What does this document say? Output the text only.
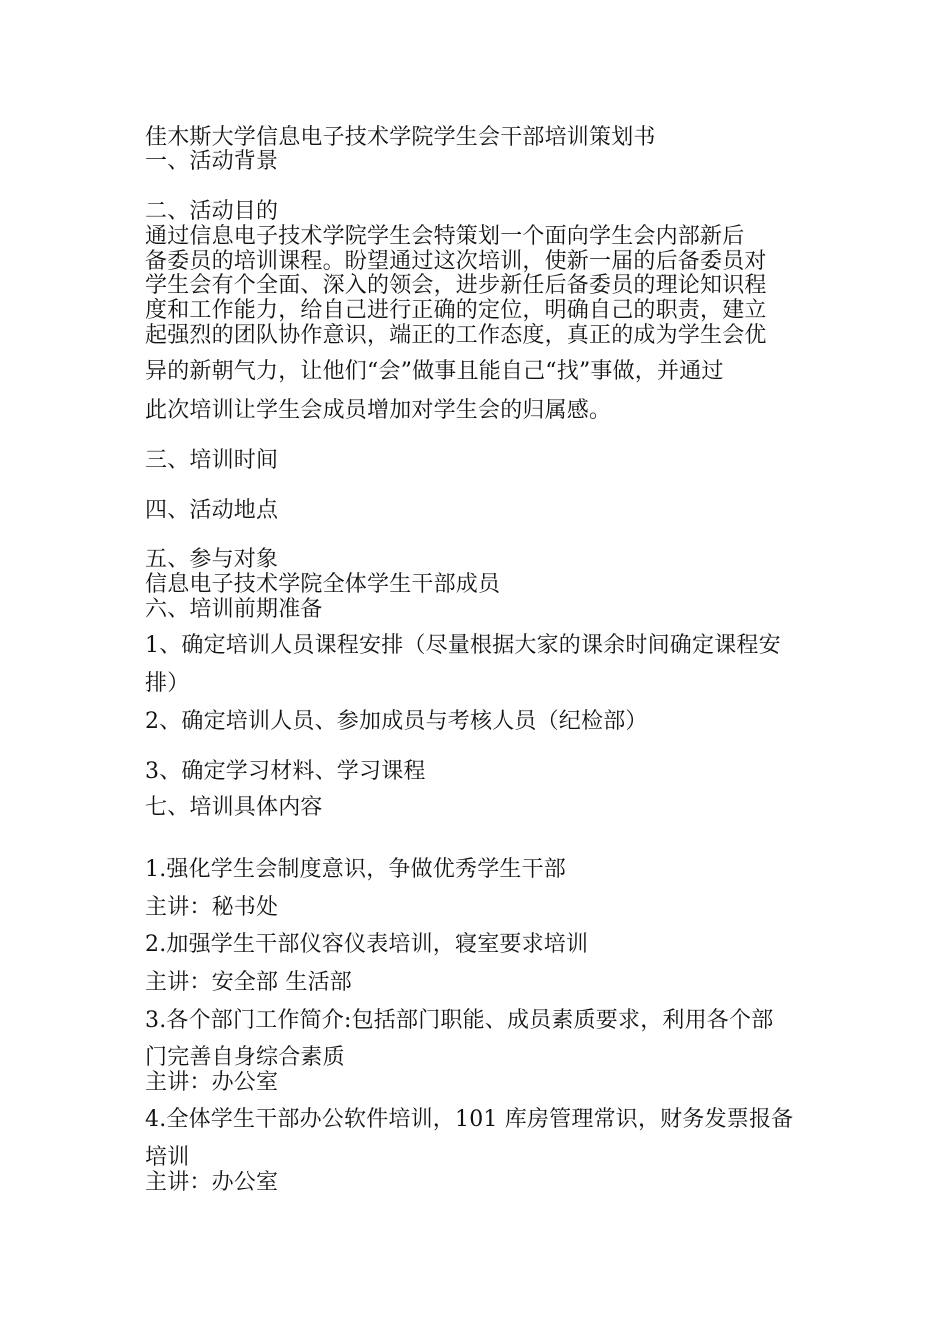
佳木斯大学信息电子技术学院学生会干部培训策划书
一、活动背景
二、活动目的
通过信息电子技术学院学生会特策划一个面向学生会内部新后
备委员的培训课程。盼望通过这次培训，使新一届的后备委员对
学生会有个全面、深入的领会，进步新任后备委员的理论知识程
度和工作能力，给自己进行正确的定位，明确自己的职责，建立
起强烈的团队协作意识，端正的工作态度，真正的成为学生会优
异的新朝气力，让他们“会”做事且能自己“找”事做，并通过
此次培训让学生会成员增加对学生会的归属感。
三、培训时间
四、活动地点
五、参与对象
信息电子技术学院全体学生干部成员
六、培训前期准备
1、确定培训人员课程安排（尽量根据大家的课余时间确定课程安
排）
2、确定培训人员、参加成员与考核人员（纪检部）
3、确定学习材料、学习课程
七、培训具体内容
1.强化学生会制度意识，争做优秀学生干部
主讲：秘书处
2.加强学生干部仪容仪表培训，寝室要求培训
主讲：安全部 生活部
3.各个部门工作简介:包括部门职能、成员素质要求，利用各个部
门完善自身综合素质
主讲：办公室
4.全体学生干部办公软件培训，101 库房管理常识，财务发票报备
培训
主讲：办公室
